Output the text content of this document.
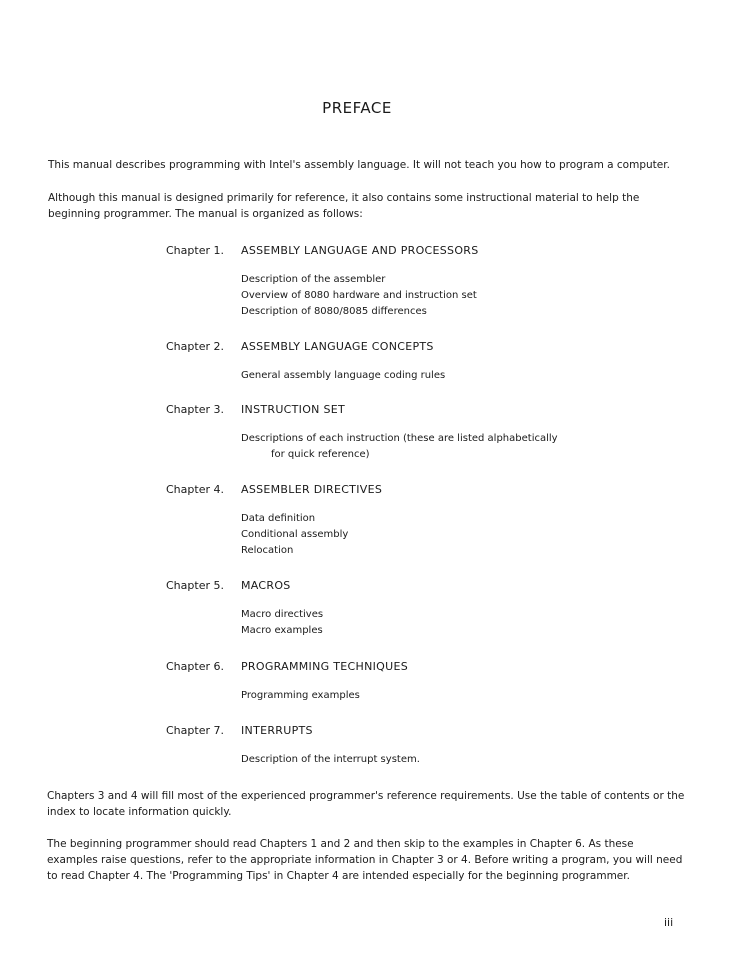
PREFACE

This manual describes programming with Intel's assembly language. It will not teach you how to program a computer.

Although this manual is designed primarily for reference, it also contains some instructional material to help the beginning programmer. The manual is organized as follows:

Chapter 1. ASSEMBLY LANGUAGE AND PROCESSORS
Description of the assembler
Overview of 8080 hardware and instruction set
Description of 8080/8085 differences
Chapter 2. ASSEMBLY LANGUAGE CONCEPTS
General assembly language coding rules
Chapter 3. INSTRUCTION SET
Descriptions of each instruction (these are listed alphabetically
for quick reference)
Chapter 4. ASSEMBLER DIRECTIVES
Data definition
Conditional assembly
Relocation
Chapter 5. MACROS
Macro directives
Macro examples
Chapter 6. PROGRAMMING TECHNIQUES
Programming examples
Chapter 7. INTERRUPTS
Description of the interrupt system.

Chapters 3 and 4 will fill most of the experienced programmer's reference requirements. Use the table of contents or the index to locate information quickly.

The beginning programmer should read Chapters 1 and 2 and then skip to the examples in Chapter 6. As these examples raise questions, refer to the appropriate information in Chapter 3 or 4. Before writing a program, you will need to read Chapter 4. The 'Programming Tips' in Chapter 4 are intended especially for the beginning programmer.

iii
